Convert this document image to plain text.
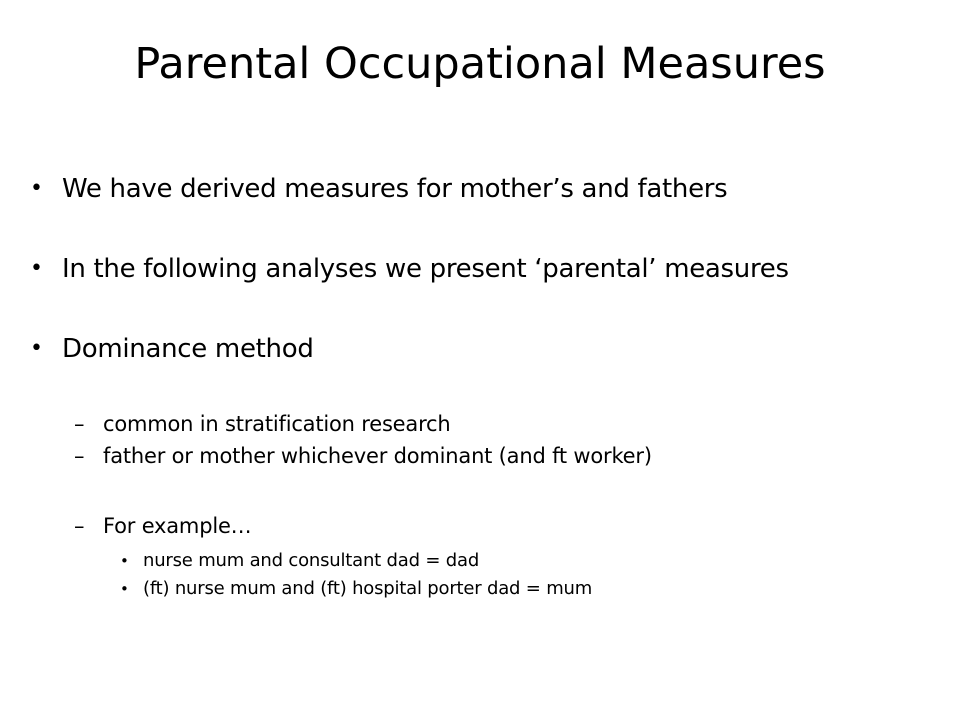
Parental Occupational Measures
• We have derived measures for mother’s and fathers
• In the following analyses we present ‘parental’ measures
• Dominance method
– common in stratification research
– father or mother whichever dominant (and ft worker)
– For example…
• nurse mum and consultant dad = dad
• (ft) nurse mum and (ft) hospital porter dad = mum
